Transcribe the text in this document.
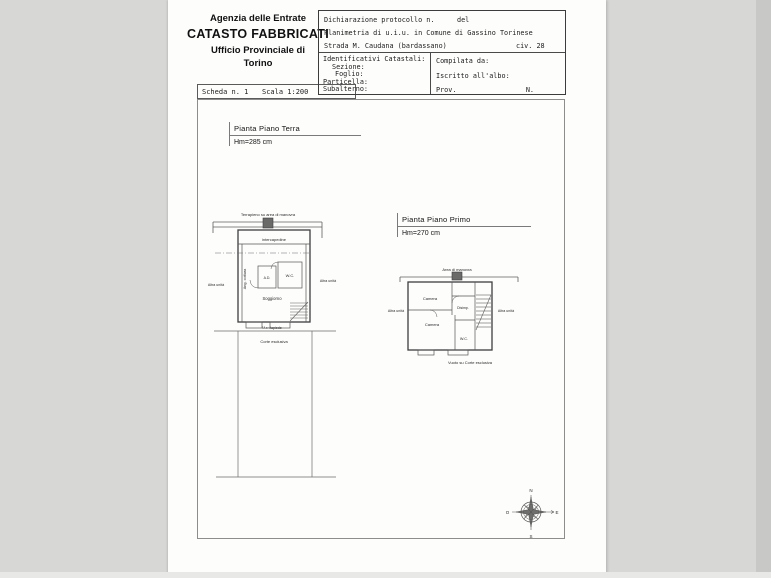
Agenzia delle Entrate
CATASTO FABBRICATI
Ufficio Provinciale di
Torino
Scheda n. 1 Scala 1:200
Dichiarazione protocollo n.	del
Planimetria di u.i.u. in Comune di Gassino Torinese
Strada M. Caudana (bardassano)	civ. 28
Identificativi Catastali:
Sezione:
Foglio:
Particella:
Subalterno:
Compilata da:
Iscritto all'albo:
Prov.	N.
Pianta Piano Terra
Hm=285 cm
Pianta Piano Primo
Hm=270 cm
Terrapieno su area di manovra
intercapedine
A.D.	W.C.
Soggiorno
Ang. cottura
Altra unità
Altra unità
Marciapiede
Corte esclusiva
Area di manovra
Camera
Disimp.
Camera
W.C.
Altra unità	Altra unità
Vuoto su Corte esclusiva
N
E
S
O
